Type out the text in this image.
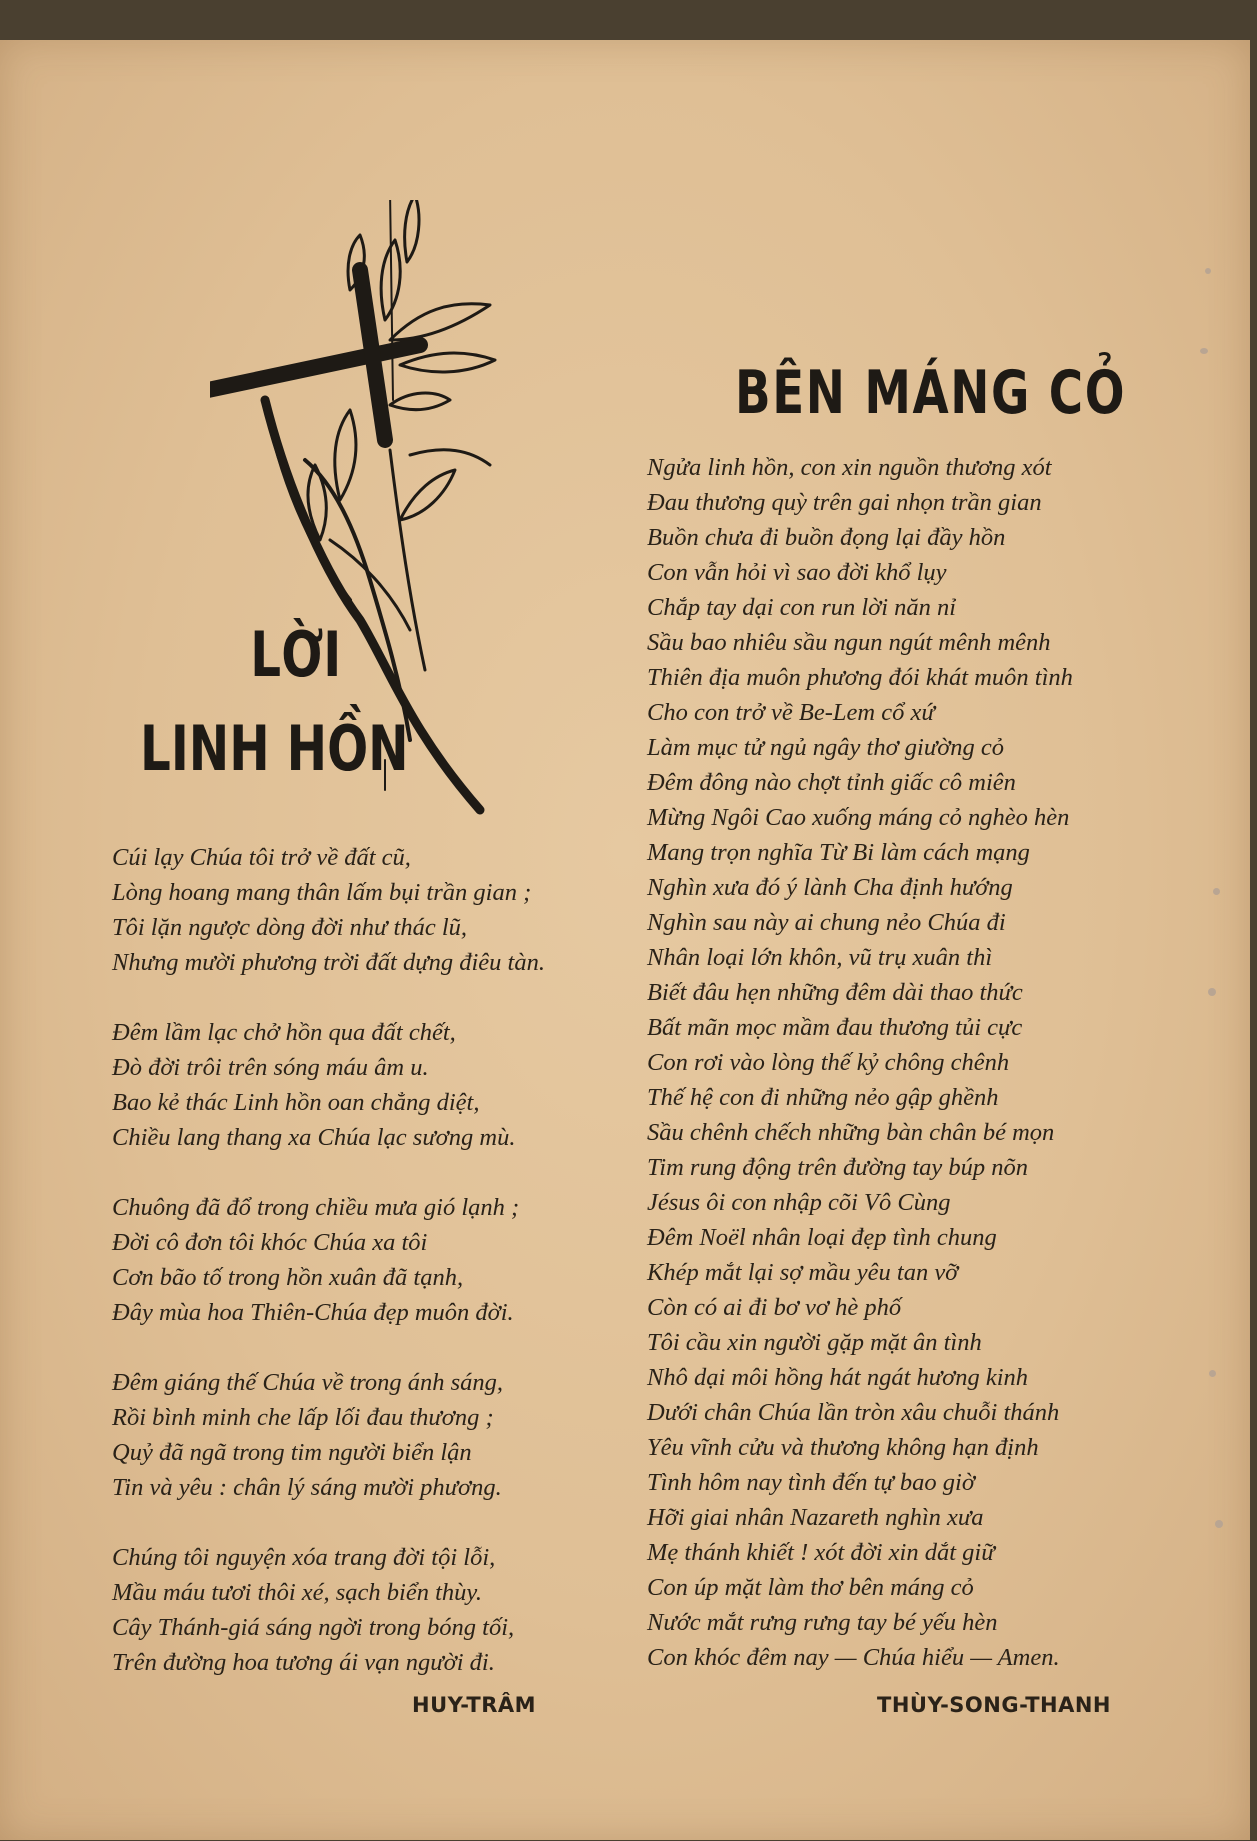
BÊN MÁNG CỎ
LỜI
LINH HỒN
Cúi lạy Chúa tôi trở về đất cũ,
Lòng hoang mang thân lấm bụi trần gian ;
Tôi lặn ngược dòng đời như thác lũ,
Nhưng mười phương trời đất dựng điêu tàn.
Đêm lầm lạc chở hồn qua đất chết,
Đò đời trôi trên sóng máu âm u.
Bao kẻ thác Linh hồn oan chẳng diệt,
Chiều lang thang xa Chúa lạc sương mù.
Chuông đã đổ trong chiều mưa gió lạnh ;
Đời cô đơn tôi khóc Chúa xa tôi
Cơn bão tố trong hồn xuân đã tạnh,
Đây mùa hoa Thiên-Chúa đẹp muôn đời.
Đêm giáng thế Chúa về trong ánh sáng,
Rồi bình minh che lấp lối đau thương ;
Quỷ đã ngã trong tim người biển lận
Tin và yêu : chân lý sáng mười phương.
Chúng tôi nguyện xóa trang đời tội lỗi,
Mầu máu tươi thôi xé, sạch biển thùy.
Cây Thánh-giá sáng ngời trong bóng tối,
Trên đường hoa tương ái vạn người đi.
Ngửa linh hồn, con xin nguồn thương xót
Đau thương quỳ trên gai nhọn trần gian
Buồn chưa đi buồn đọng lại đầy hồn
Con vẫn hỏi vì sao đời khổ lụy
Chắp tay dại con run lời năn nỉ
Sầu bao nhiêu sầu ngun ngút mênh mênh
Thiên địa muôn phương đói khát muôn tình
Cho con trở về Be-Lem cổ xứ
Làm mục tử ngủ ngây thơ giường cỏ
Đêm đông nào chợt tỉnh giấc cô miên
Mừng Ngôi Cao xuống máng cỏ nghèo hèn
Mang trọn nghĩa Từ Bi làm cách mạng
Nghìn xưa đó ý lành Cha định hướng
Nghìn sau này ai chung nẻo Chúa đi
Nhân loại lớn khôn, vũ trụ xuân thì
Biết đâu hẹn những đêm dài thao thức
Bất mãn mọc mầm đau thương tủi cực
Con rơi vào lòng thế kỷ chông chênh
Thế hệ con đi những nẻo gập ghềnh
Sầu chênh chếch những bàn chân bé mọn
Tim rung động trên đường tay búp nõn
Jésus ôi con nhập cõi Vô Cùng
Đêm Noël nhân loại đẹp tình chung
Khép mắt lại sợ mầu yêu tan vỡ
Còn có ai đi bơ vơ hè phố
Tôi cầu xin người gặp mặt ân tình
Nhô dại môi hồng hát ngát hương kinh
Dưới chân Chúa lần tròn xâu chuỗi thánh
Yêu vĩnh cửu và thương không hạn định
Tình hôm nay tình đến tự bao giờ
Hỡi giai nhân Nazareth nghìn xưa
Mẹ thánh khiết ! xót đời xin dắt giữ
Con úp mặt làm thơ bên máng cỏ
Nước mắt rưng rưng tay bé yếu hèn
Con khóc đêm nay — Chúa hiểu — Amen.
HUY-TRÂM	THÙY-SONG-THANH
